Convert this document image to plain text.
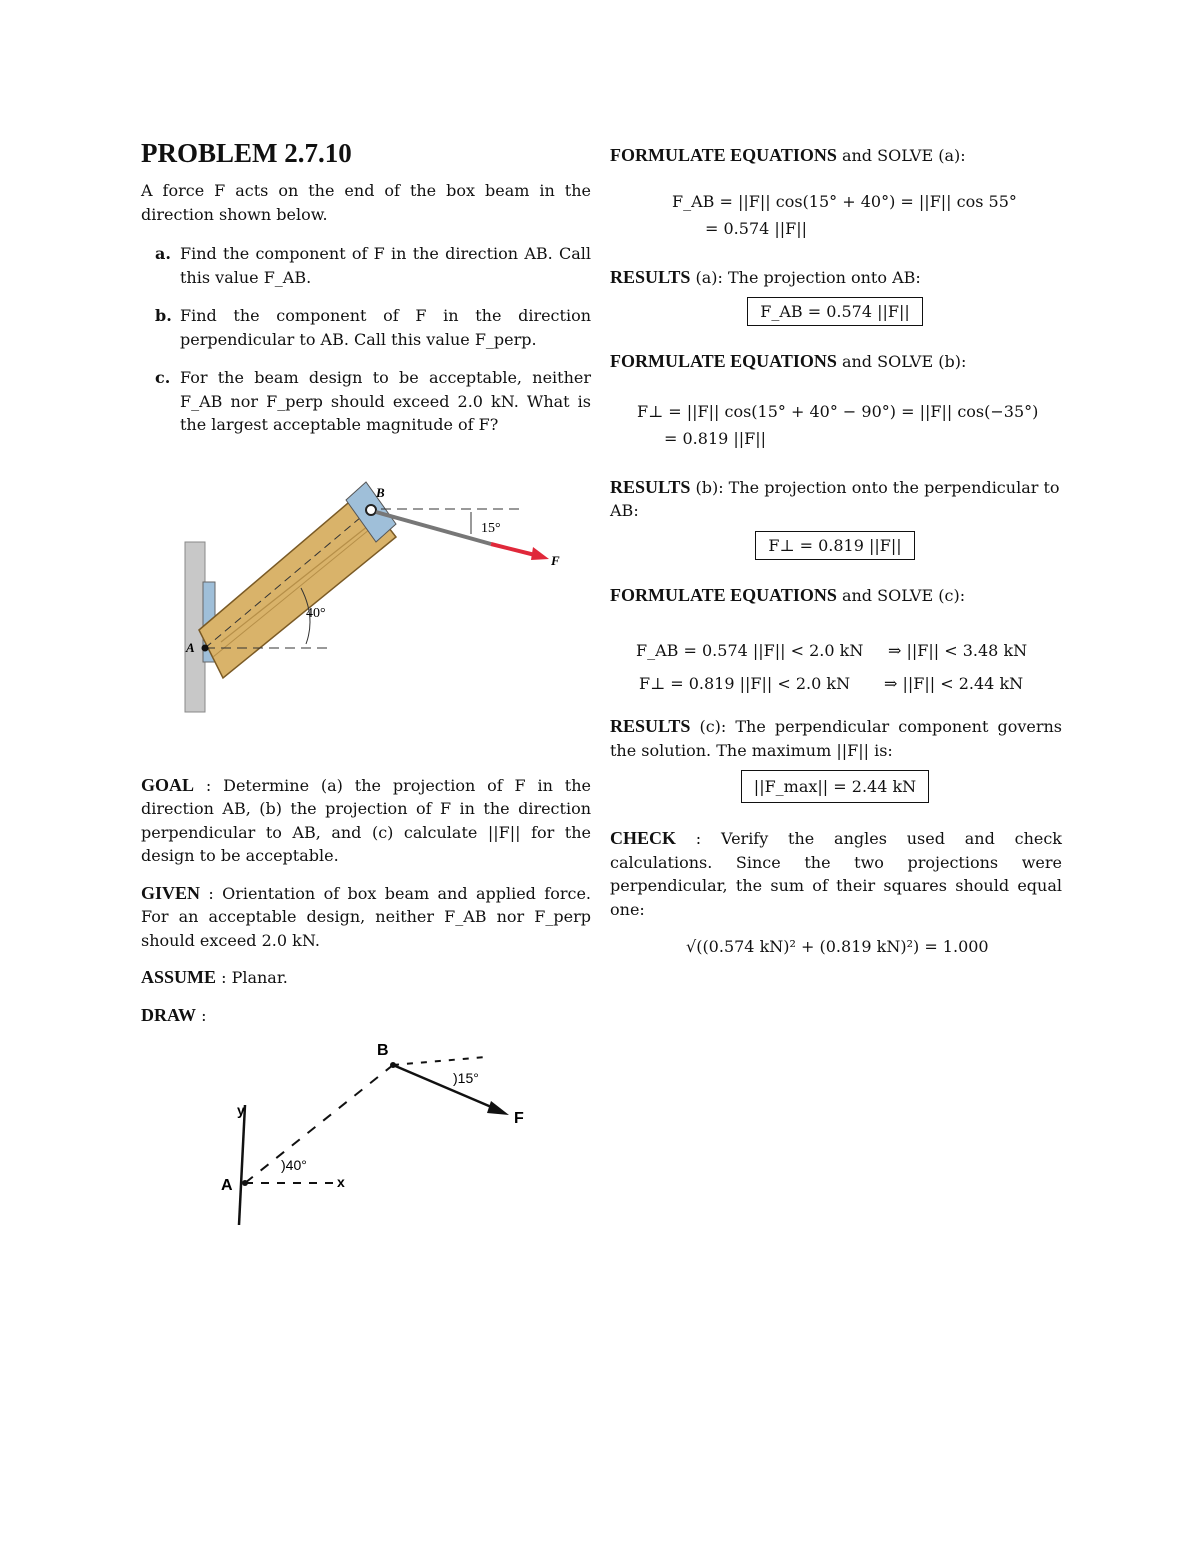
PROBLEM 2.7.10

A force F acts on the end of the box beam in the direction shown below.

a. Find the component of F in the direction AB. Call this value F_AB.
b. Find the component of F in the direction perpendicular to AB. Call this value F_perp.
c. For the beam design to be acceptable, neither F_AB nor F_perp should exceed 2.0 kN. What is the largest acceptable magnitude of F?
B
A
F
15°
40°

GOAL : Determine (a) the projection of F in the direction AB, (b) the projection of F in the direction perpendicular to AB, and (c) calculate ||F|| for the design to be acceptable.

GIVEN : Orientation of box beam and applied force. For an acceptable design, neither F_AB nor F_perp should exceed 2.0 kN.

ASSUME : Planar.

DRAW :

B
A
F
y
x
)15°
)40°

FORMULATE EQUATIONS and SOLVE (a):

F_AB = ||F|| cos(15° + 40°) = ||F|| cos 55°
= 0.574 ||F||

RESULTS (a): The projection onto AB:

F_AB = 0.574 ||F||

FORMULATE EQUATIONS and SOLVE (b):

F⊥ = ||F|| cos(15° + 40° − 90°) = ||F|| cos(−35°)
= 0.819 ||F||

RESULTS (b): The projection onto the perpendicular to AB:

F⊥ = 0.819 ||F||

FORMULATE EQUATIONS and SOLVE (c):

F_AB = 0.574 ||F|| < 2.0 kN ⇒ ||F|| < 3.48 kN
F⊥ = 0.819 ||F|| < 2.0 kN ⇒ ||F|| < 2.44 kN

RESULTS (c): The perpendicular component governs the solution. The maximum ||F|| is:

||F_max|| = 2.44 kN

CHECK : Verify the angles used and check calculations. Since the two projections were perpendicular, the sum of their squares should equal one:

√((0.574 kN)² + (0.819 kN)²) = 1.000
